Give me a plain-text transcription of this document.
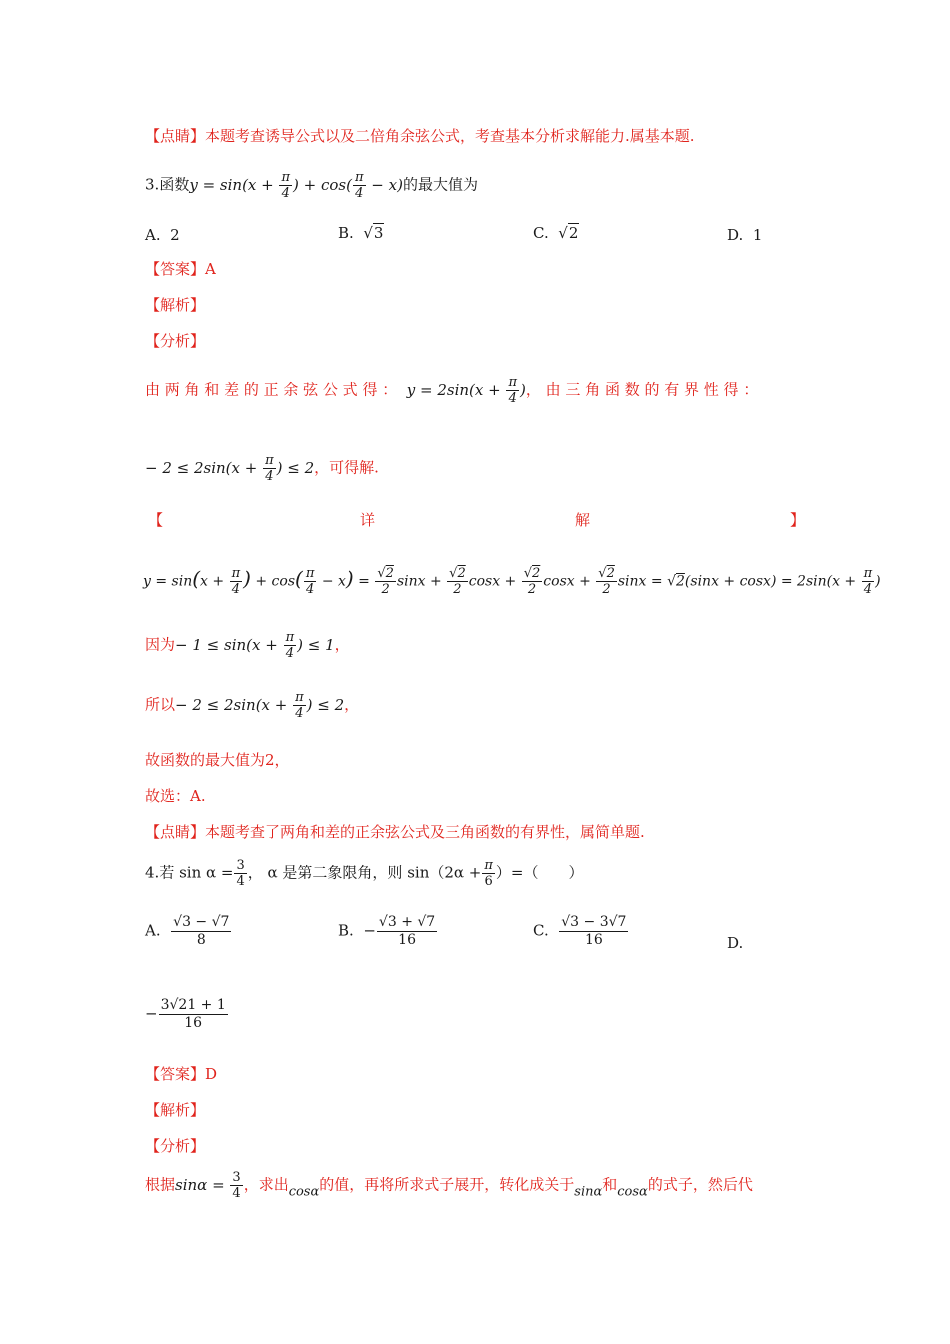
【点睛】本题考查诱导公式以及二倍角余弦公式，考查基本分析求解能力.属基本题.
3.函数$y = \sin(x + \frac{\pi}{4}$ ) + $\cos( \frac{\pi}{4} - x)$的最大值为
A. 2	B. √3	C. √2	D. 1
【答案】A
【解析】
【分析】
由 两 角 和 差 的 正 余 弦 公 式 得 ：  $y = 2\sin(x + \frac{\pi}{4}$ )， 由 三 角 函 数 的 有 界 性 得 ：
− $2 \le 2\sin(x + \frac{\pi}{4}$ ) ≤ 2，可得解.
【	详	解	】
$y = \sin(x + \frac{\pi}{4}$ ) + $\cos( \frac{\pi}{4} - x) = \frac{√2}{2}$ $\sin x + \frac{√2}{2}$ $\cos x + \frac{√2}{2}$ $\cos x + \frac{√2}{2}$ $\sin x = √2(\sin x + \cos x) = 2\sin(x + \frac{\pi}{4}$ )
因为− $1 \le \sin(x + \frac{\pi}{4}$ ) ≤ 1，
所以− $2 \le 2\sin(x + \frac{\pi}{4}$ ) ≤ 2，
故函数的最大值为2，
故选：A.
【点睛】本题考查了两角和差的正余弦公式及三角函数的有界性，属简单题.
4.若 $\sin \alpha = \frac{3}{4}$ ， α 是第二象限角，则 $\sin(2\alpha + \frac{\pi}{6}$ ）=（　　）
A. $\frac{√3 - √7}{8}$	B. − $\frac{√3 + √7}{16}$	C. $\frac{√3 - 3√7}{16}$	D.
− $\frac{3√21 + 1}{16}$
【答案】D
【解析】
【分析】
根据$\sin\alpha = \frac{3}{4}$ ，求出cosα的值，再将所求式子展开，转化成关于sinα和cosα的式子，然后代
